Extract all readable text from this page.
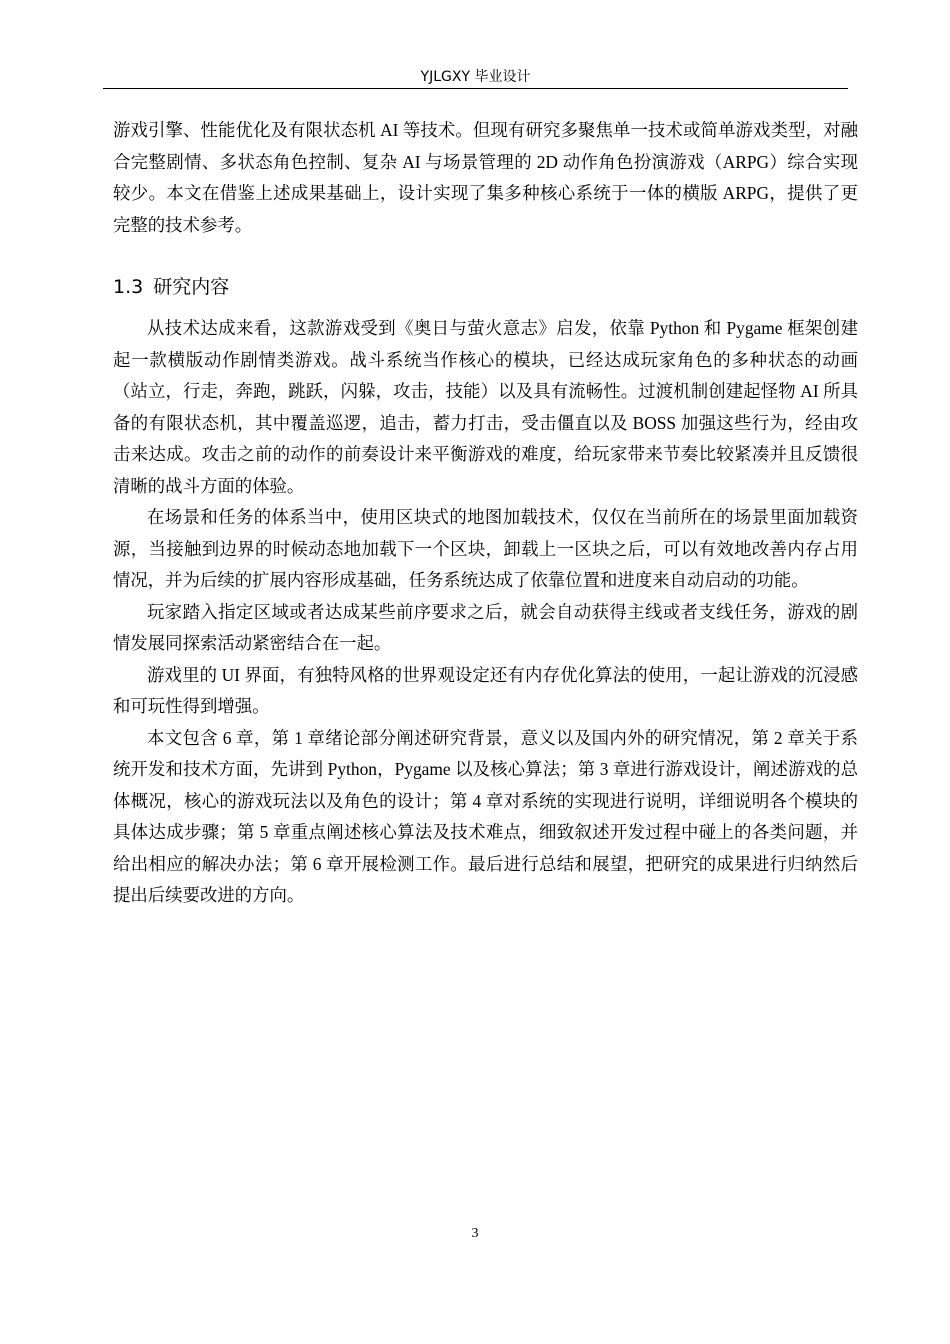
YJLGXY 毕业设计

游戏引擎、性能优化及有限状态机 AI 等技术。但现有研究多聚焦单一技术或简单游戏类型，对融合完整剧情、多状态角色控制、复杂 AI 与场景管理的 2D 动作角色扮演游戏（ARPG）综合实现较少。本文在借鉴上述成果基础上，设计实现了集多种核心系统于一体的横版 ARPG，提供了更完整的技术参考。

1.3 研究内容

从技术达成来看，这款游戏受到《奥日与萤火意志》启发，依靠 Python 和 Pygame 框架创建起一款横版动作剧情类游戏。战斗系统当作核心的模块，已经达成玩家角色的多种状态的动画（站立，行走，奔跑，跳跃，闪躲，攻击，技能）以及具有流畅性。过渡机制创建起怪物 AI 所具备的有限状态机，其中覆盖巡逻，追击，蓄力打击，受击僵直以及 BOSS 加强这些行为，经由攻击来达成。攻击之前的动作的前奏设计来平衡游戏的难度，给玩家带来节奏比较紧凑并且反馈很清晰的战斗方面的体验。

在场景和任务的体系当中，使用区块式的地图加载技术，仅仅在当前所在的场景里面加载资源，当接触到边界的时候动态地加载下一个区块，卸载上一区块之后，可以有效地改善内存占用情况，并为后续的扩展内容形成基础，任务系统达成了依靠位置和进度来自动启动的功能。

玩家踏入指定区域或者达成某些前序要求之后，就会自动获得主线或者支线任务，游戏的剧情发展同探索活动紧密结合在一起。

游戏里的 UI 界面，有独特风格的世界观设定还有内存优化算法的使用，一起让游戏的沉浸感和可玩性得到增强。

本文包含 6 章，第 1 章绪论部分阐述研究背景，意义以及国内外的研究情况，第 2 章关于系统开发和技术方面，先讲到 Python，Pygame 以及核心算法；第 3 章进行游戏设计，阐述游戏的总体概况，核心的游戏玩法以及角色的设计；第 4 章对系统的实现进行说明，详细说明各个模块的具体达成步骤；第 5 章重点阐述核心算法及技术难点，细致叙述开发过程中碰上的各类问题，并给出相应的解决办法；第 6 章开展检测工作。最后进行总结和展望，把研究的成果进行归纳然后提出后续要改进的方向。

3
